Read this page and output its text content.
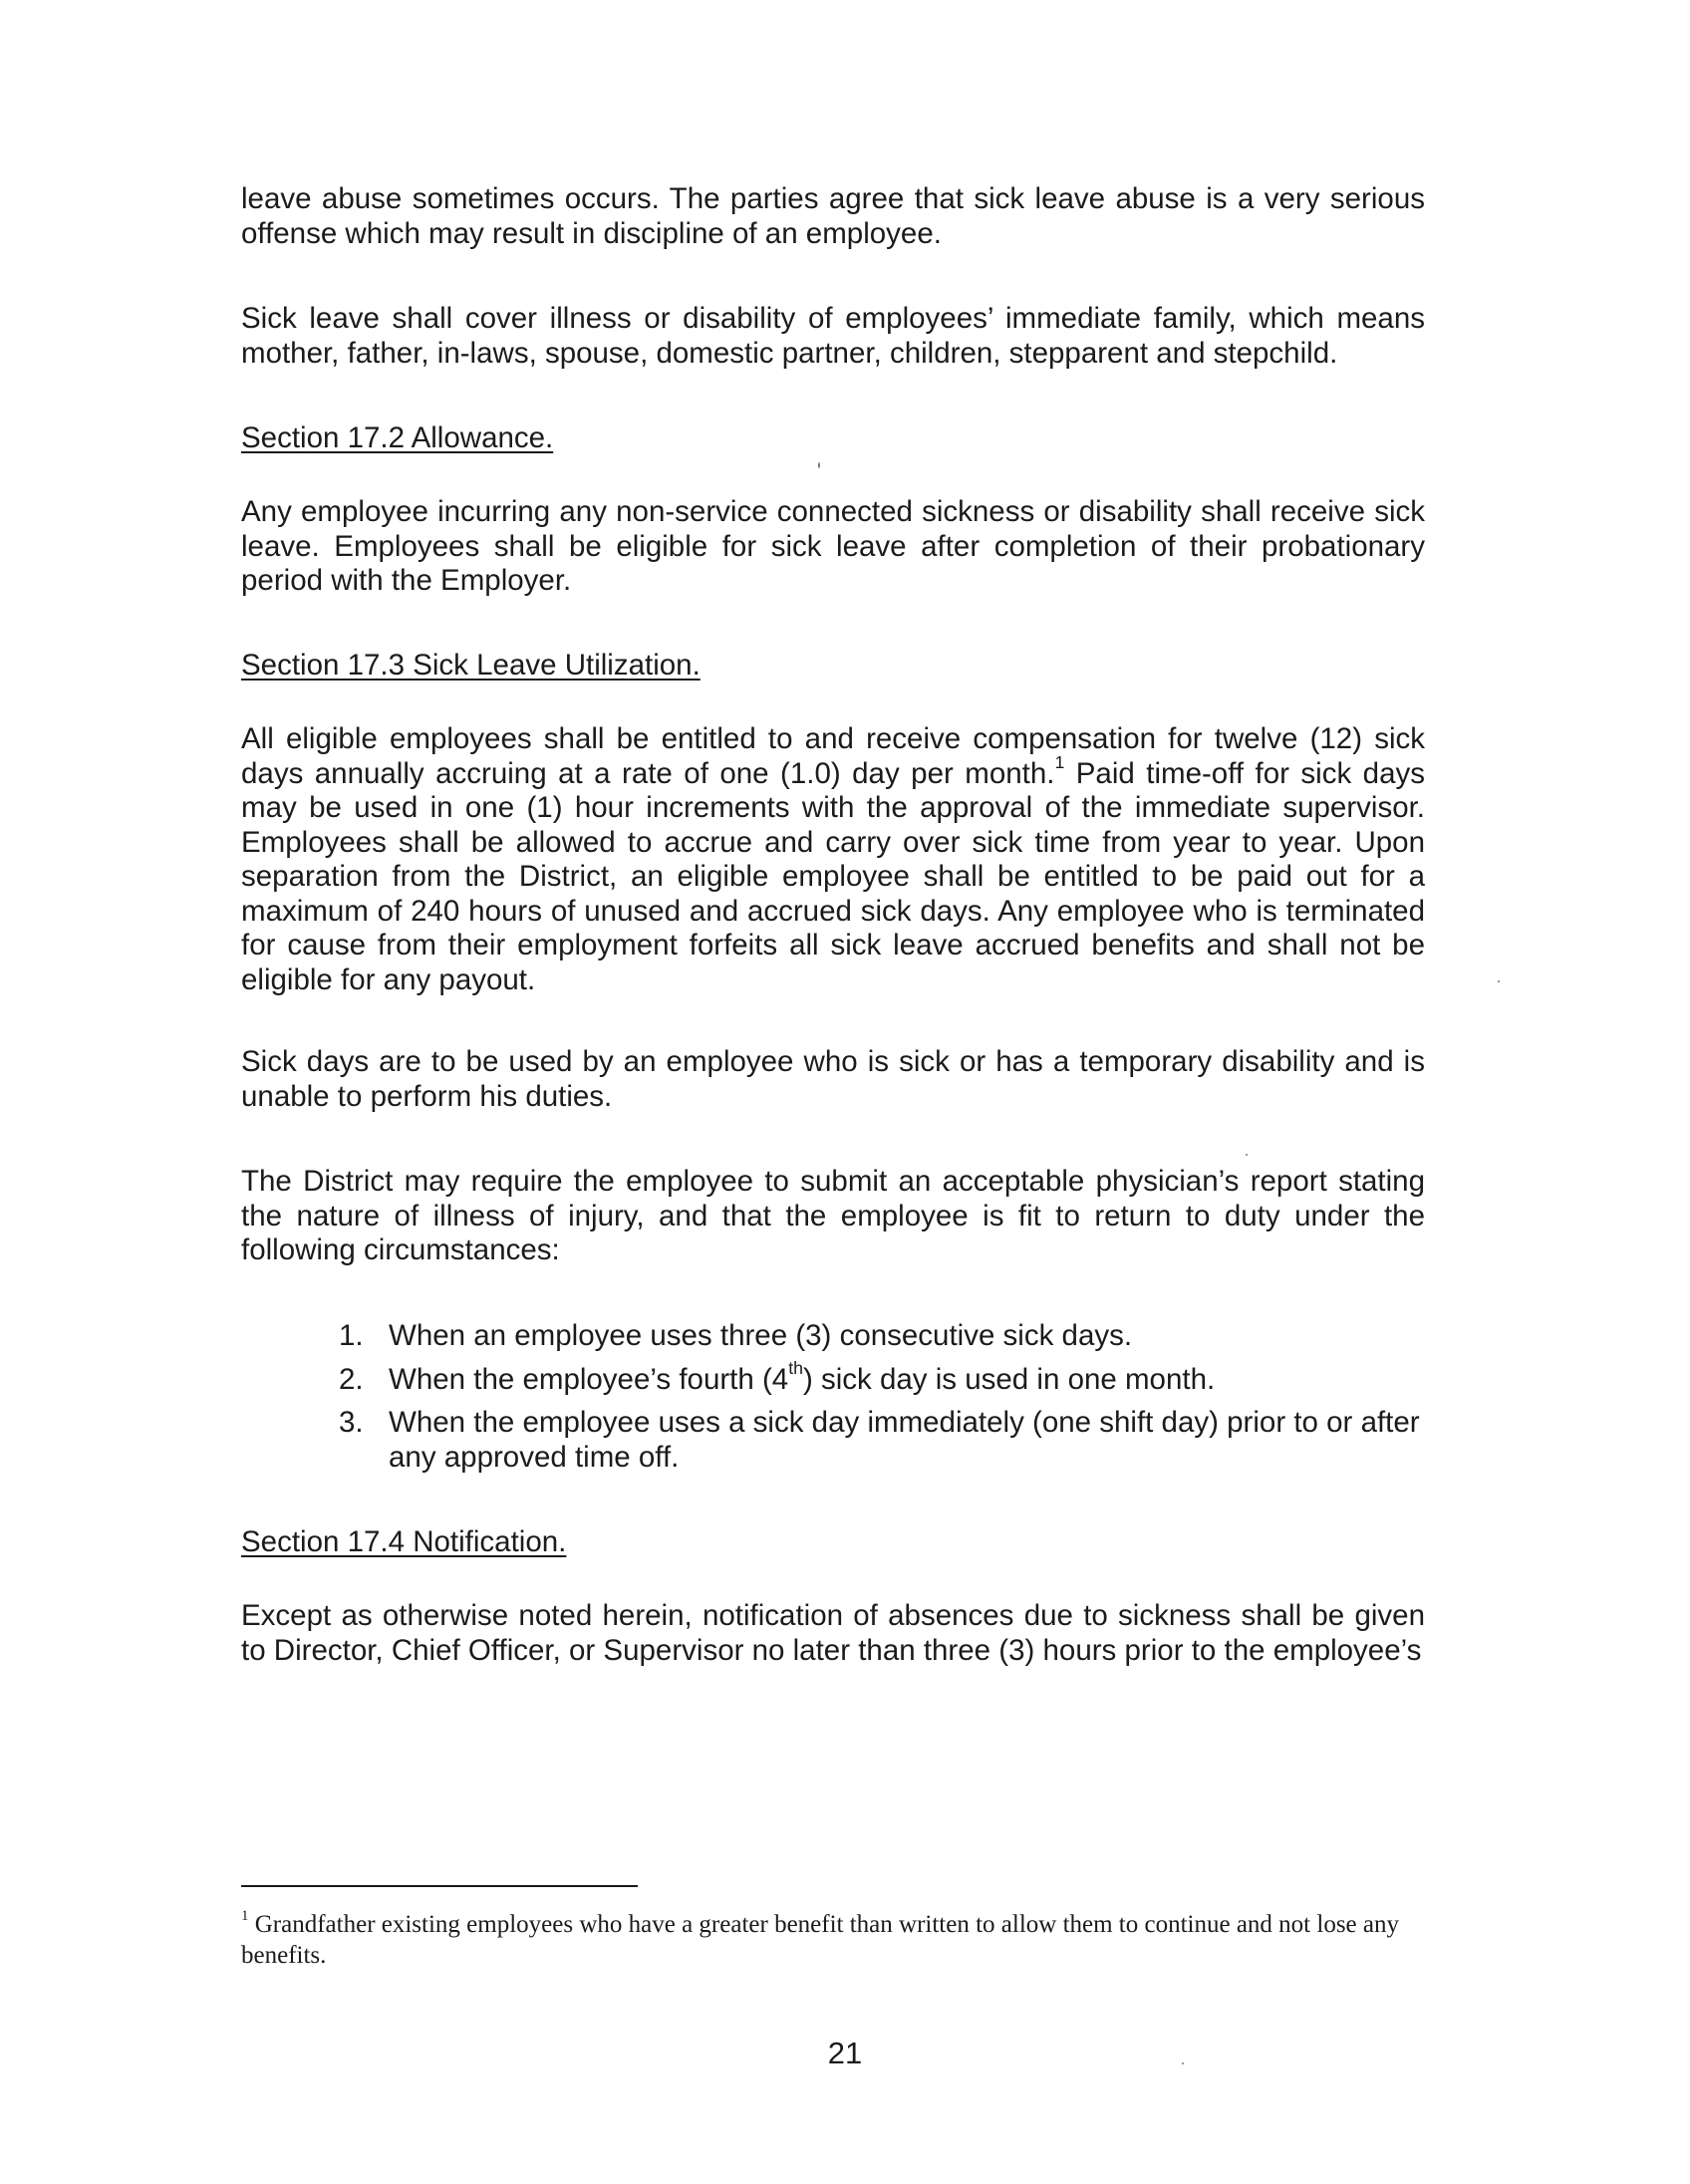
leave abuse sometimes occurs. The parties agree that sick leave abuse is a very serious offense which may result in discipline of an employee.

Sick leave shall cover illness or disability of employees’ immediate family, which means mother, father, in-laws, spouse, domestic partner, children, stepparent and stepchild.

Section 17.2 Allowance.

Any employee incurring any non-service connected sickness or disability shall receive sick leave. Employees shall be eligible for sick leave after completion of their probationary period with the Employer.

Section 17.3 Sick Leave Utilization.

All eligible employees shall be entitled to and receive compensation for twelve (12) sick days annually accruing at a rate of one (1.0) day per month.$^1$ Paid time-off for sick days may be used in one (1) hour increments with the approval of the immediate supervisor. Employees shall be allowed to accrue and carry over sick time from year to year. Upon separation from the District, an eligible employee shall be entitled to be paid out for a maximum of 240 hours of unused and accrued sick days. Any employee who is terminated for cause from their employment forfeits all sick leave accrued benefits and shall not be eligible for any payout.

Sick days are to be used by an employee who is sick or has a temporary disability and is unable to perform his duties.

The District may require the employee to submit an acceptable physician’s report stating the nature of illness of injury, and that the employee is fit to return to duty under the following circumstances:

1. When an employee uses three (3) consecutive sick days.
2. When the employee’s fourth (4th) sick day is used in one month.
3. When the employee uses a sick day immediately (one shift day) prior to or after any approved time off.

Section 17.4 Notification.

Except as otherwise noted herein, notification of absences due to sickness shall be given to Director, Chief Officer, or Supervisor no later than three (3) hours prior to the employee’s

$^1$ Grandfather existing employees who have a greater benefit than written to allow them to continue and not lose any benefits.

21
